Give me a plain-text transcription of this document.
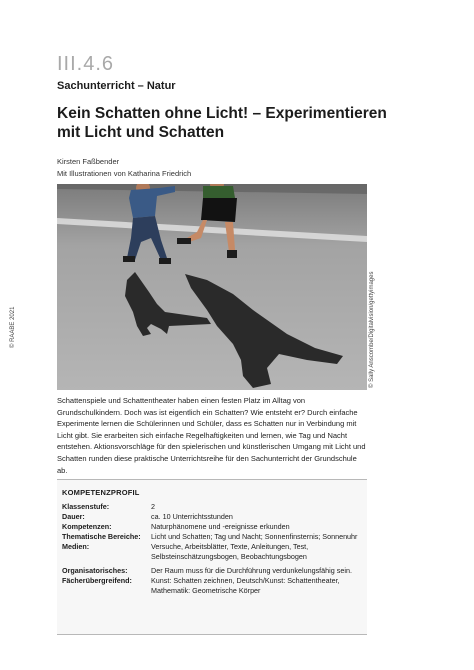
III.4.6
Sachunterricht – Natur
Kein Schatten ohne Licht! – Experimentieren mit Licht und Schatten
Kirsten Faßbender
Mit Illustrationen von Katharina Friedrich
© Sally Anscombe/Digitalvision/gettyimages
© RAABE 2021
Schattenspiele und Schattentheater haben einen festen Platz im Alltag von Grundschulkindern. Doch was ist eigentlich ein Schatten? Wie entsteht er? Durch einfache Experimente lernen die Schülerinnen und Schüler, dass es Schatten nur in Verbindung mit Licht gibt. Sie erarbeiten sich einfache Regelhaftigkeiten und lernen, wie Tag und Nacht entstehen. Aktionsvorschläge für den spielerischen und künstlerischen Umgang mit Licht und Schatten runden diese praktische Unterrichtsreihe für den Sachunterricht der Grundschule ab.
KOMPETENZPROFIL
Klassenstufe:	2
Dauer:	ca. 10 Unterrichtsstunden
Kompetenzen:	Naturphänomene und -ereignisse erkunden
Thematische Bereiche:	Licht und Schatten; Tag und Nacht; Sonnenfinsternis; Sonnenuhr
Medien:	Versuche, Arbeitsblätter, Texte, Anleitungen, Test, Selbsteinschätzungsbogen, Beobachtungsbogen
Organisatorisches:	Der Raum muss für die Durchführung verdunkelungsfähig sein.
Fächerübergreifend:	Kunst: Schatten zeichnen, Deutsch/Kunst: Schattentheater, Mathematik: Geometrische Körper
